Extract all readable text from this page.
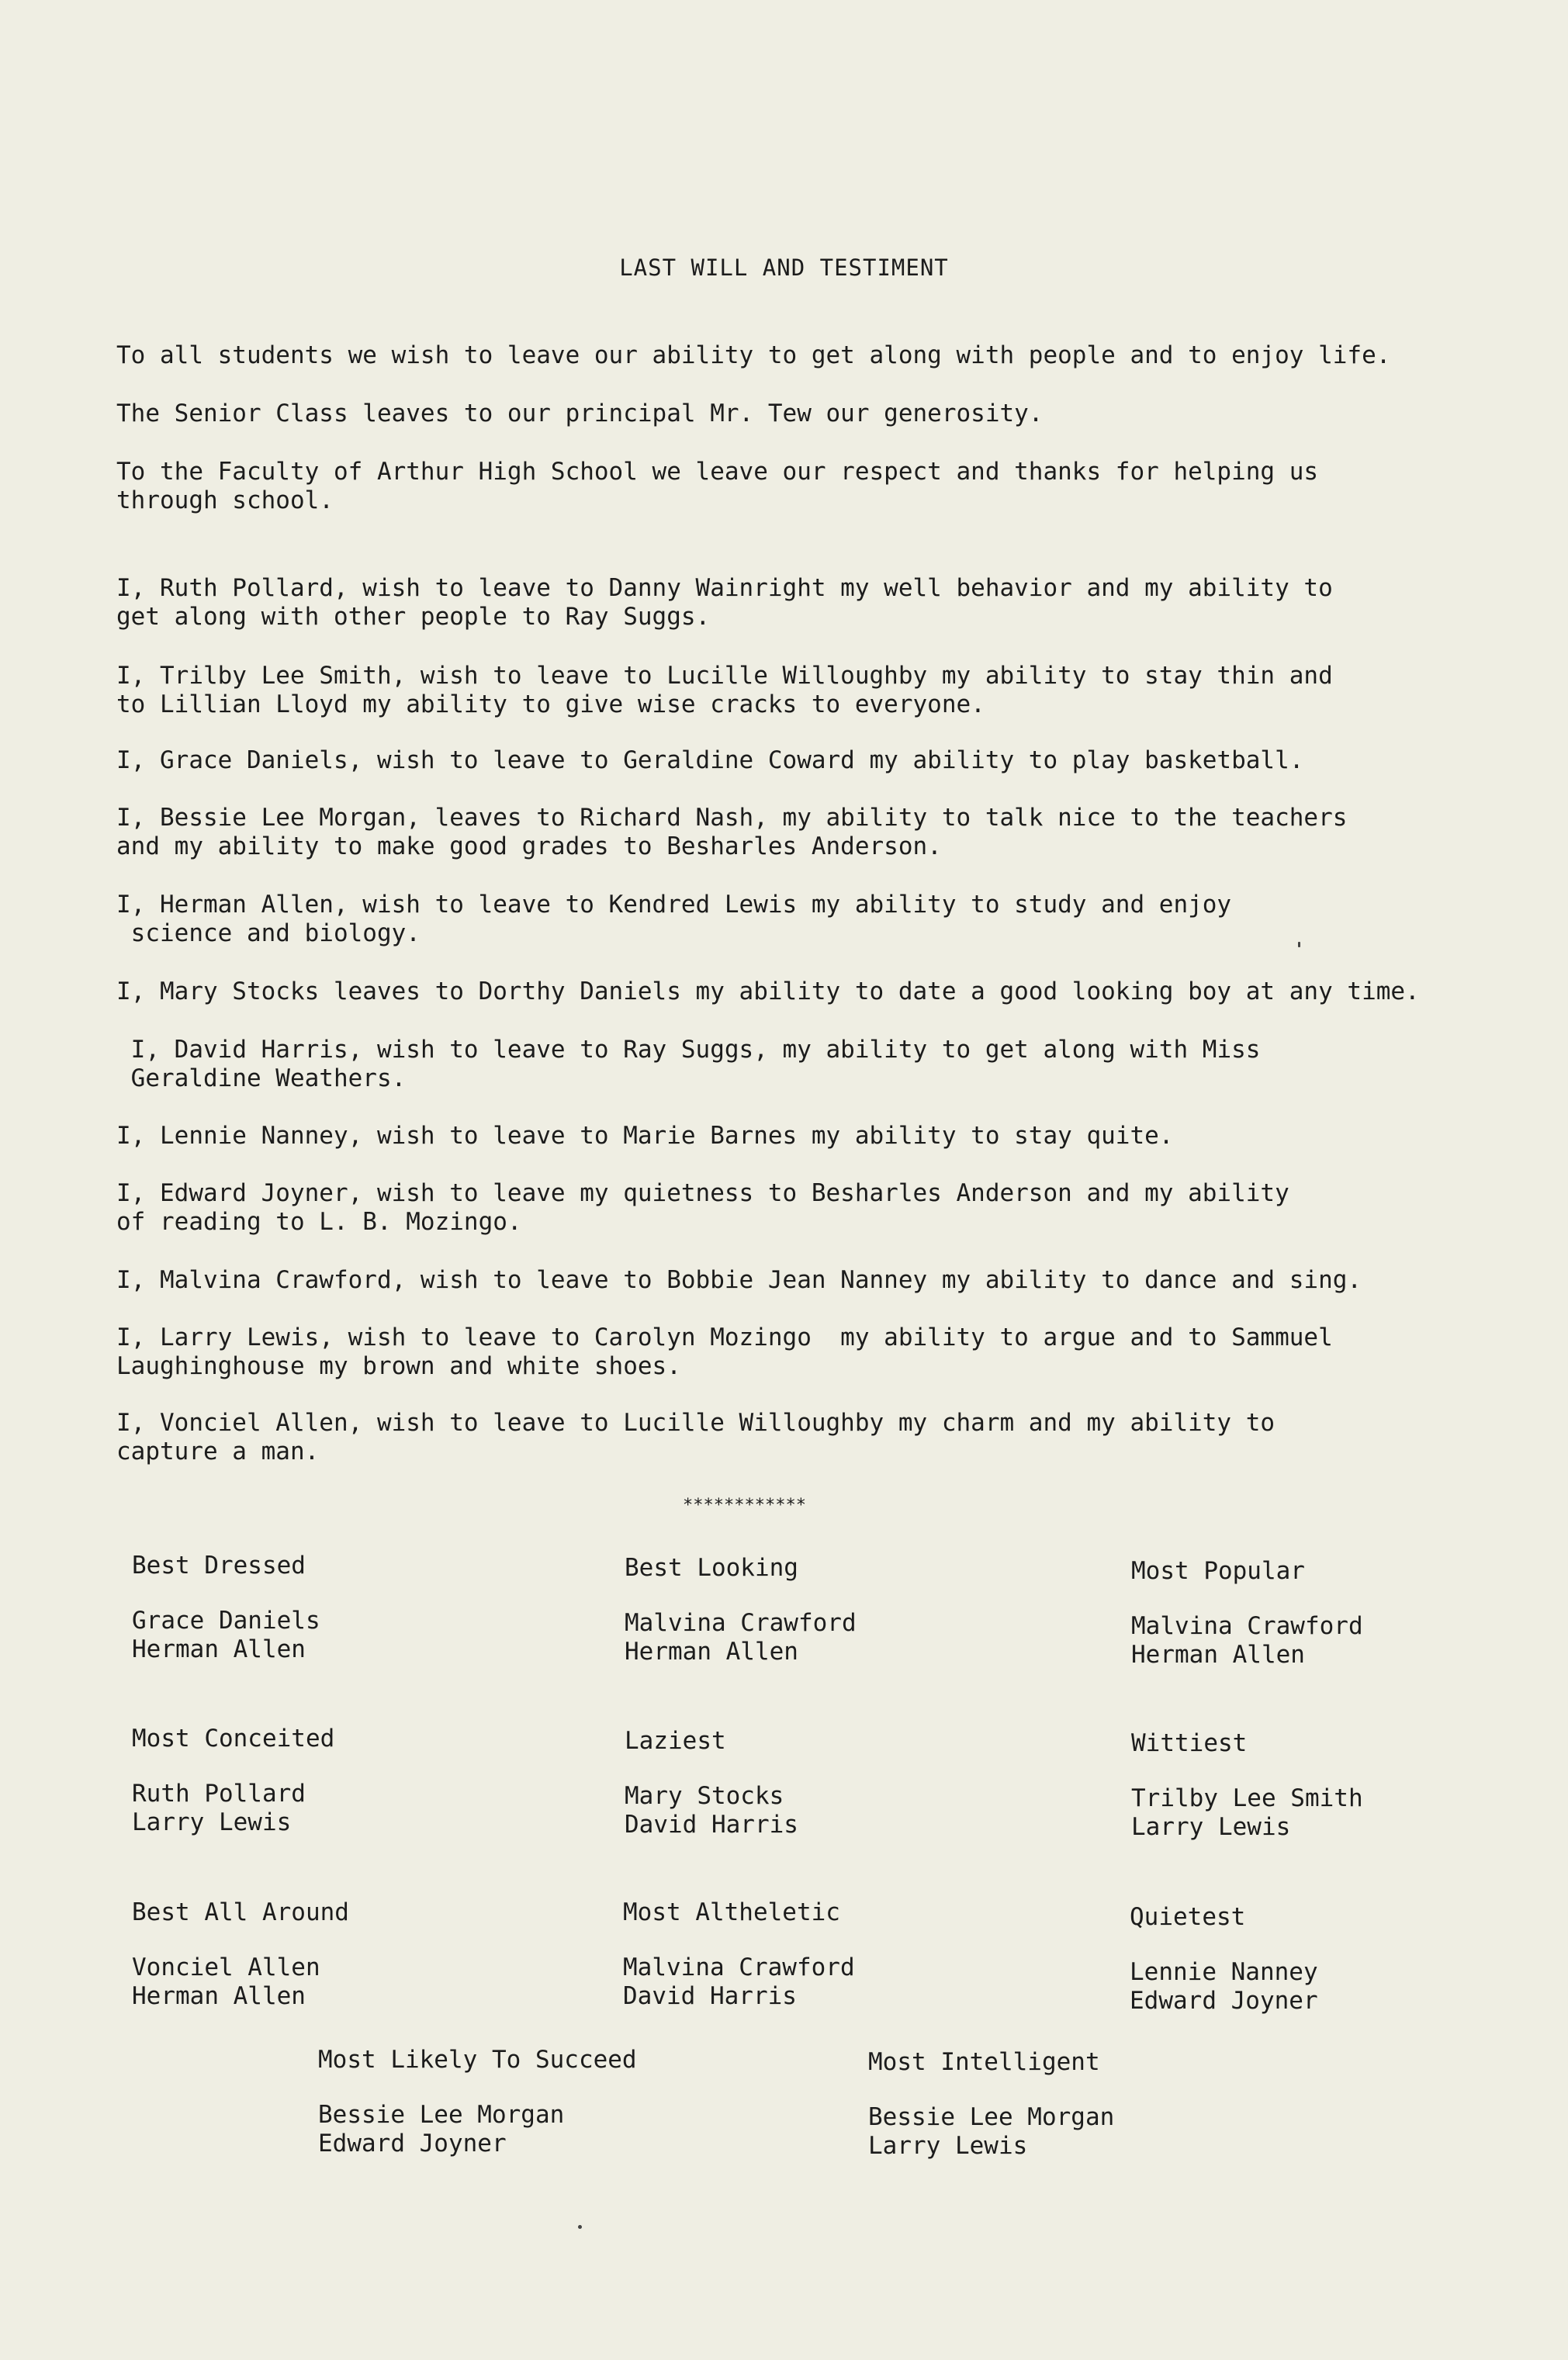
LAST WILL AND TESTIMENT
To all students we wish to leave our ability to get along with people and to enjoy life.
The Senior Class leaves to our principal Mr. Tew our generosity.
To the Faculty of Arthur High School we leave our respect and thanks for helping us
through school.
I, Ruth Pollard, wish to leave to Danny Wainright my well behavior and my ability to
get along with other people to Ray Suggs.
I, Trilby Lee Smith, wish to leave to Lucille Willoughby my ability to stay thin and
to Lillian Lloyd my ability to give wise cracks to everyone.
I, Grace Daniels, wish to leave to Geraldine Coward my ability to play basketball.
I, Bessie Lee Morgan, leaves to Richard Nash, my ability to talk nice to the teachers
and my ability to make good grades to Besharles Anderson.
I, Herman Allen, wish to leave to Kendred Lewis my ability to study and enjoy
science and biology.
I, Mary Stocks leaves to Dorthy Daniels my ability to date a good looking boy at any time.
I, David Harris, wish to leave to Ray Suggs, my ability to get along with Miss
Geraldine Weathers.
I, Lennie Nanney, wish to leave to Marie Barnes my ability to stay quite.
I, Edward Joyner, wish to leave my quietness to Besharles Anderson and my ability
of reading to L. B. Mozingo.
I, Malvina Crawford, wish to leave to Bobbie Jean Nanney my ability to dance and sing.
I, Larry Lewis, wish to leave to Carolyn Mozingo  my ability to argue and to Sammuel
Laughinghouse my brown and white shoes.
I, Vonciel Allen, wish to leave to Lucille Willoughby my charm and my ability to
capture a man.
************
Best Dressed
Grace Daniels
Herman Allen
Best Looking
Malvina Crawford
Herman Allen
Most Popular
Malvina Crawford
Herman Allen
Most Conceited
Ruth Pollard
Larry Lewis
Laziest
Mary Stocks
David Harris
Wittiest
Trilby Lee Smith
Larry Lewis
Best All Around
Vonciel Allen
Herman Allen
Most Altheletic
Malvina Crawford
David Harris
Quietest
Lennie Nanney
Edward Joyner
Most Likely To Succeed
Bessie Lee Morgan
Edward Joyner
Most Intelligent
Bessie Lee Morgan
Larry Lewis
